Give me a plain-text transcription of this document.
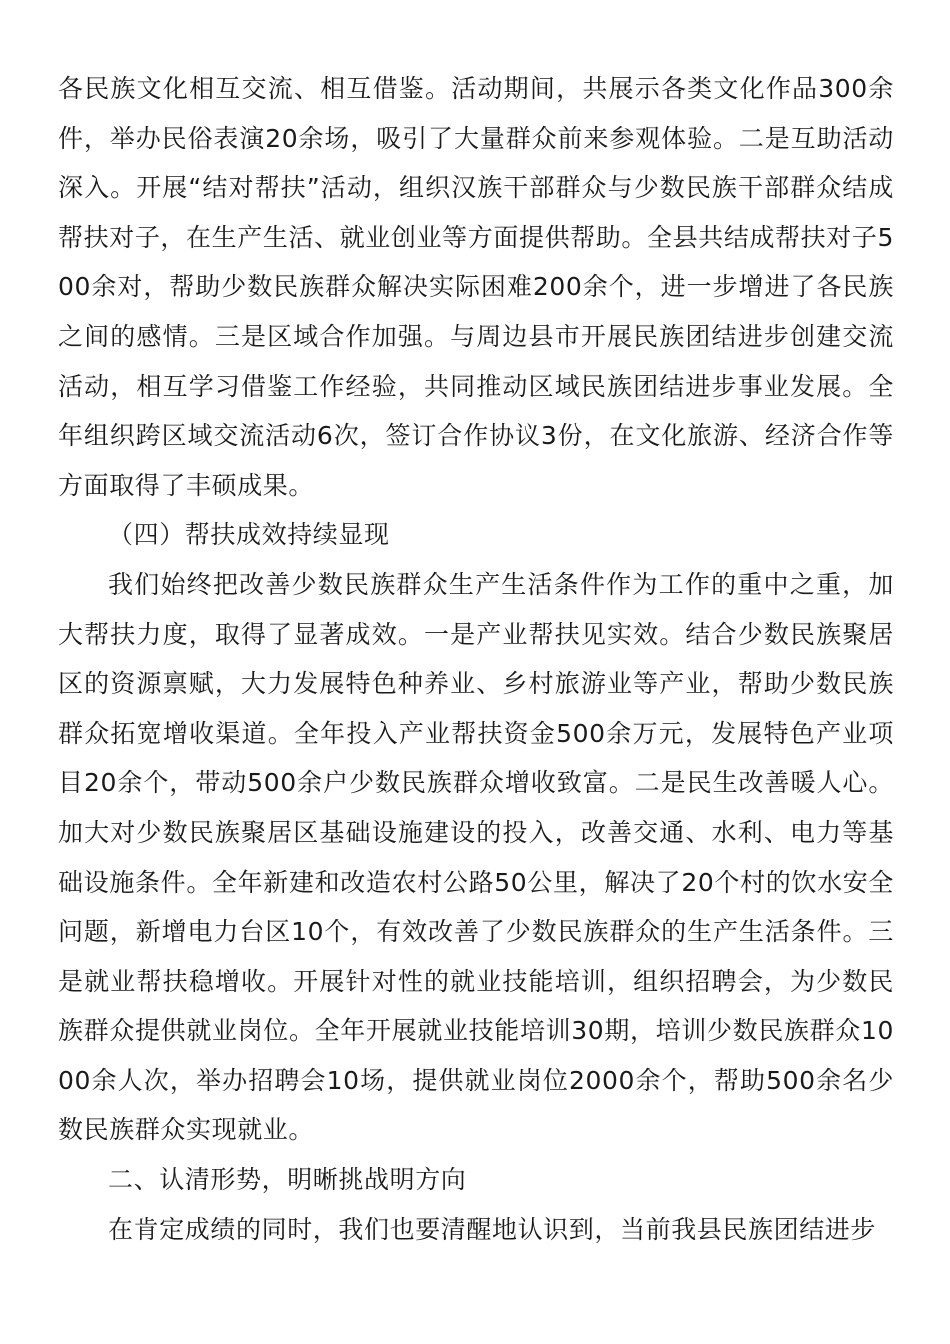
各民族文化相互交流、相互借鉴。活动期间，共展示各类文化作品300余件，举办民俗表演20余场，吸引了大量群众前来参观体验。二是互助活动深入。开展“结对帮扶”活动，组织汉族干部群众与少数民族干部群众结成帮扶对子，在生产生活、就业创业等方面提供帮助。全县共结成帮扶对子500余对，帮助少数民族群众解决实际困难200余个，进一步增进了各民族之间的感情。三是区域合作加强。与周边县市开展民族团结进步创建交流活动，相互学习借鉴工作经验，共同推动区域民族团结进步事业发展。全年组织跨区域交流活动6次，签订合作协议3份，在文化旅游、经济合作等方面取得了丰硕成果。

（四）帮扶成效持续显现

我们始终把改善少数民族群众生产生活条件作为工作的重中之重，加大帮扶力度，取得了显著成效。一是产业帮扶见实效。结合少数民族聚居区的资源禀赋，大力发展特色种养业、乡村旅游业等产业，帮助少数民族群众拓宽增收渠道。全年投入产业帮扶资金500余万元，发展特色产业项目20余个，带动500余户少数民族群众增收致富。二是民生改善暖人心。加大对少数民族聚居区基础设施建设的投入，改善交通、水利、电力等基础设施条件。全年新建和改造农村公路50公里，解决了20个村的饮水安全问题，新增电力台区10个，有效改善了少数民族群众的生产生活条件。三是就业帮扶稳增收。开展针对性的就业技能培训，组织招聘会，为少数民族群众提供就业岗位。全年开展就业技能培训30期，培训少数民族群众1000余人次，举办招聘会10场，提供就业岗位2000余个，帮助500余名少数民族群众实现就业。

二、认清形势，明晰挑战明方向

在肯定成绩的同时，我们也要清醒地认识到，当前我县民族团结进步
